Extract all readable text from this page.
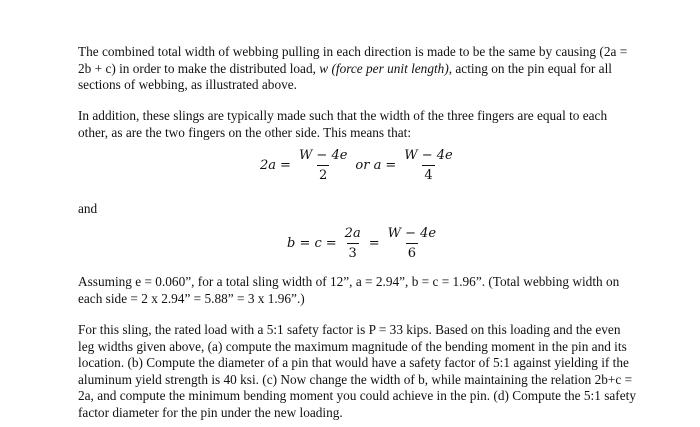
The combined total width of webbing pulling in each direction is made to be the same by causing (2a = 2b + c) in order to make the distributed load, w (force per unit length), acting on the pin equal for all sections of webbing, as illustrated above.

In addition, these slings are typically made such that the width of the three fingers are equal to each other, as are the two fingers on the other side. This means that:

$2a = \frac{W - 4e}{2}$ or $a = \frac{W - 4e}{4}$
and
$b = c = \frac{2a}{3} = \frac{W - 4e}{6}$

Assuming e = 0.060”, for a total sling width of 12”, a = 2.94”, b = c = 1.96”. (Total webbing width on each side = 2 x 2.94” = 5.88” = 3 x 1.96”.)

For this sling, the rated load with a 5:1 safety factor is P = 33 kips. Based on this loading and the even leg widths given above, (a) compute the maximum magnitude of the bending moment in the pin and its location. (b) Compute the diameter of a pin that would have a safety factor of 5:1 against yielding if the aluminum yield strength is 40 ksi. (c) Now change the width of b, while maintaining the relation 2b+c = 2a, and compute the minimum bending moment you could achieve in the pin. (d) Compute the 5:1 safety factor diameter for the pin under the new loading.
